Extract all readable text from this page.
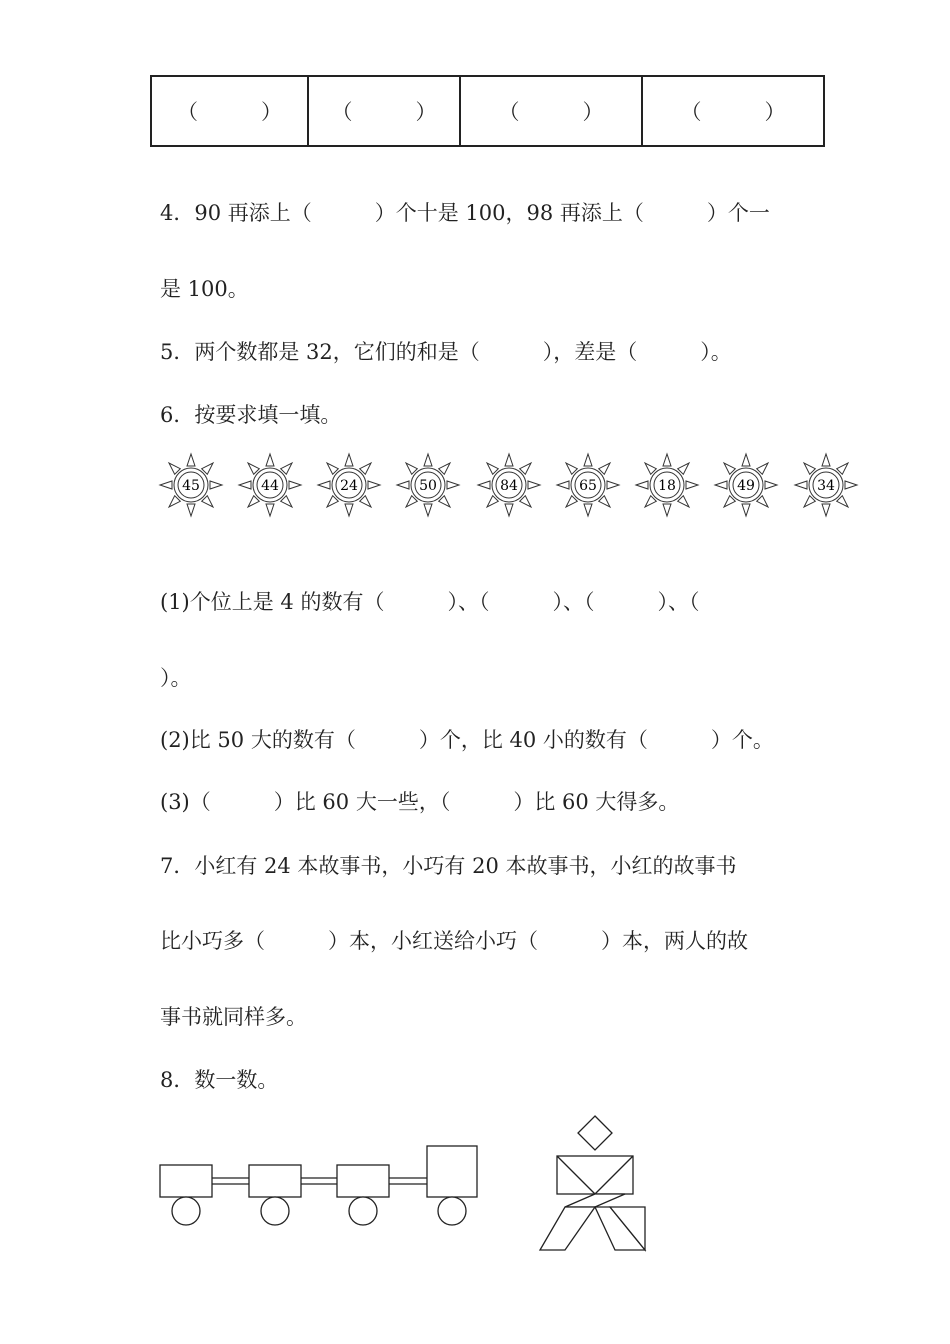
（　　　）	（　　　）	（　　　）	（　　　）
4．90 再添上（　　　）个十是 100，98 再添上（　　　）个一
是 100。
5．两个数都是 32，它们的和是（　　　），差是（　　　）。
6．按要求填一填。
45	44	24	50	84	65	18	49	34
(1)个位上是 4 的数有（　　　）、（　　　）、（　　　）、（
）。
(2)比 50 大的数有（　　　）个，比 40 小的数有（　　　）个。
(3)（　　　）比 60 大一些，（　　　）比 60 大得多。
7．小红有 24 本故事书，小巧有 20 本故事书，小红的故事书
比小巧多（　　　）本，小红送给小巧（　　　）本，两人的故
事书就同样多。
8．数一数。
